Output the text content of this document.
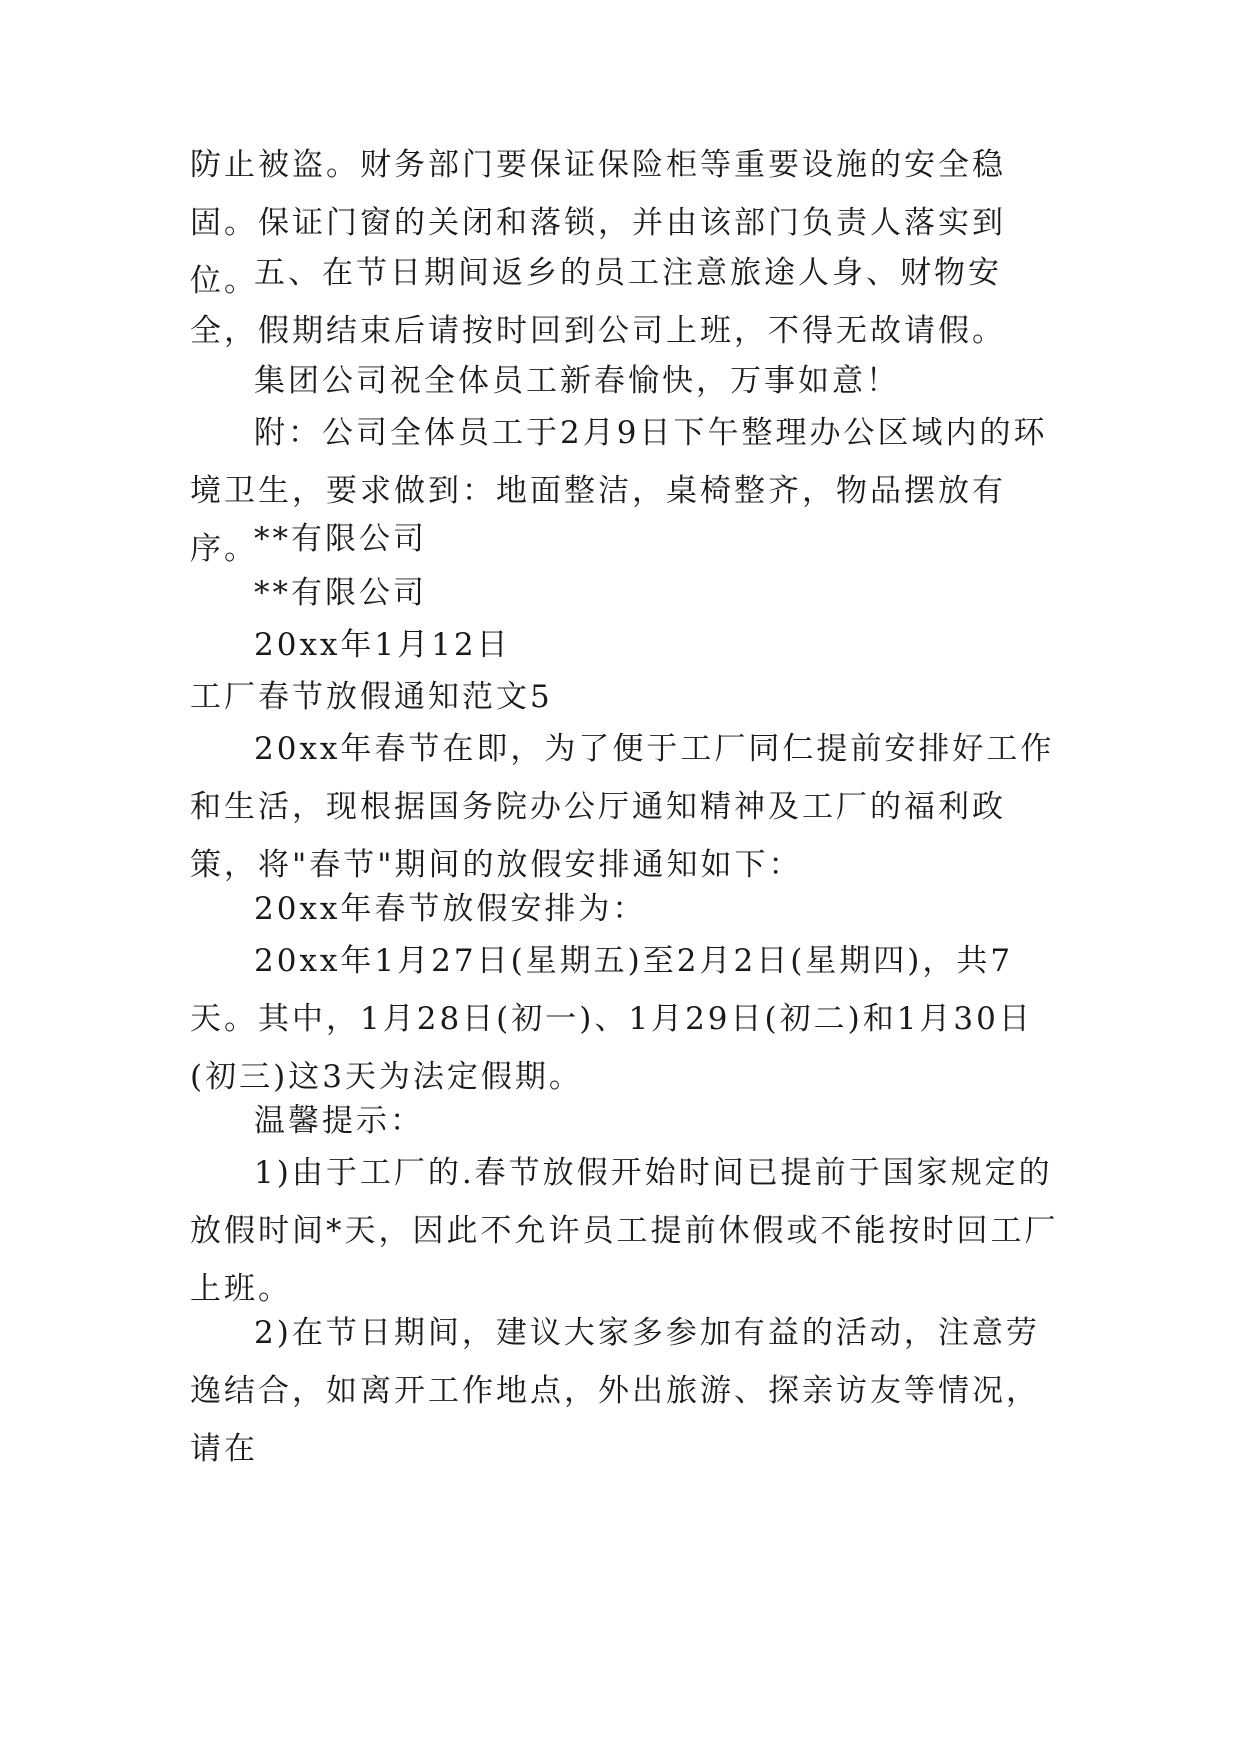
防止被盗。财务部门要保证保险柜等重要设施的安全稳固。保证门窗的关闭和落锁，并由该部门负责人落实到位。

五、在节日期间返乡的员工注意旅途人身、财物安全，假期结束后请按时回到公司上班，不得无故请假。

集团公司祝全体员工新春愉快，万事如意！

附：公司全体员工于2月9日下午整理办公区域内的环境卫生，要求做到：地面整洁，桌椅整齐，物品摆放有序。

**有限公司

**有限公司

20xx年1月12日

工厂春节放假通知范文5

20xx年春节在即，为了便于工厂同仁提前安排好工作和生活，现根据国务院办公厅通知精神及工厂的福利政策，将"春节"期间的放假安排通知如下：

20xx年春节放假安排为：

20xx年1月27日(星期五)至2月2日(星期四)，共7天。其中，1月28日(初一)、1月29日(初二)和1月30日(初三)这3天为法定假期。

温馨提示：

1)由于工厂的.春节放假开始时间已提前于国家规定的放假时间*天，因此不允许员工提前休假或不能按时回工厂上班。

2)在节日期间，建议大家多参加有益的活动，注意劳逸结合，如离开工作地点，外出旅游、探亲访友等情况，请在
